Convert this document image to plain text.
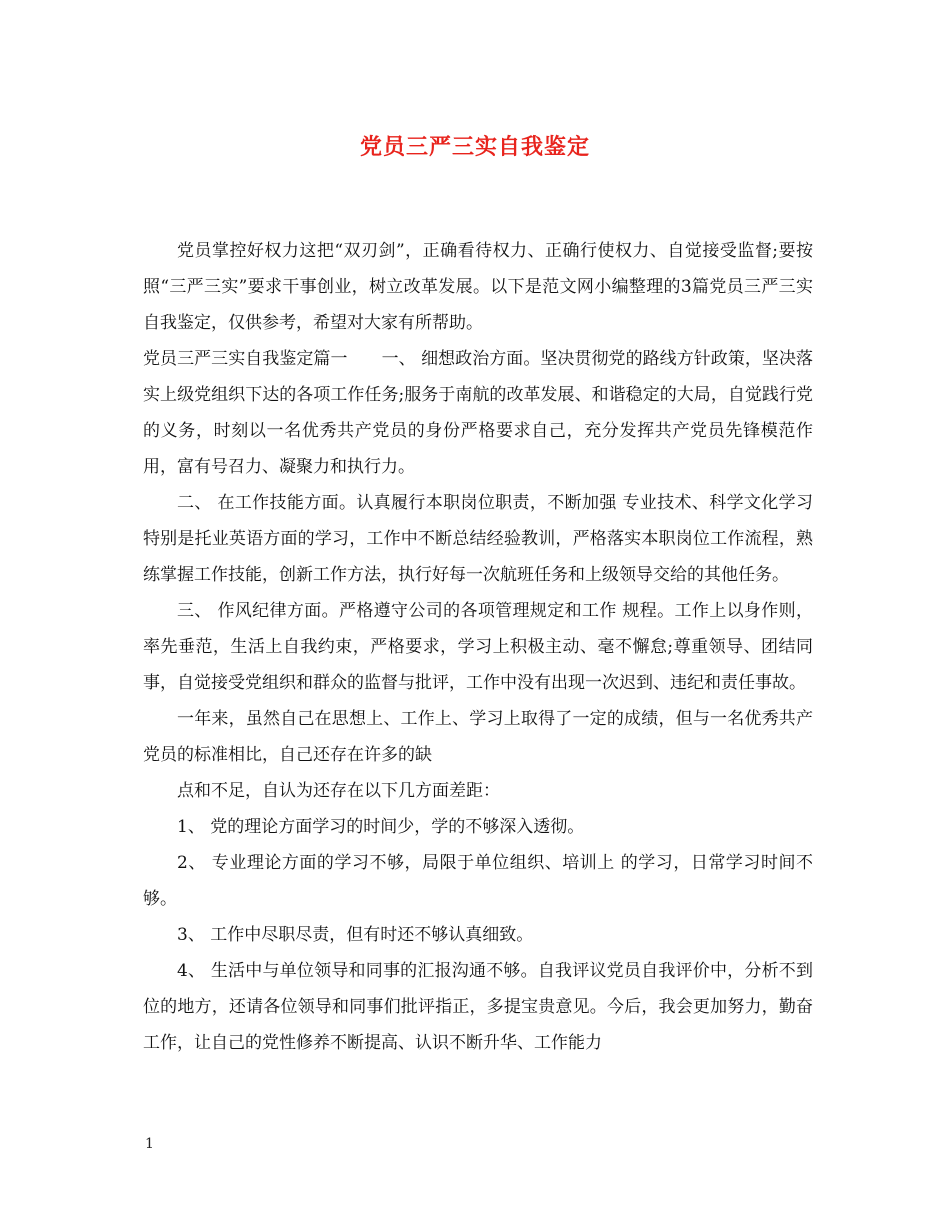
党员三严三实自我鉴定

党员掌控好权力这把“双刃剑”，正确看待权力、正确行使权力、自觉接受监督;要按照“三严三实”要求干事创业，树立改革发展。以下是范文网小编整理的3篇党员三严三实自我鉴定，仅供参考，希望对大家有所帮助。

党员三严三实自我鉴定篇一　　一、 细想政治方面。坚决贯彻党的路线方针政策，坚决落 实上级党组织下达的各项工作任务;服务于南航的改革发展、和谐稳定的大局，自觉践行党的义务，时刻以一名优秀共产党员的身份严格要求自己，充分发挥共产党员先锋模范作用，富有号召力、凝聚力和执行力。

二、 在工作技能方面。认真履行本职岗位职责，不断加强 专业技术、科学文化学习特别是托业英语方面的学习，工作中不断总结经验教训，严格落实本职岗位工作流程，熟练掌握工作技能，创新工作方法，执行好每一次航班任务和上级领导交给的其他任务。

三、 作风纪律方面。严格遵守公司的各项管理规定和工作 规程。工作上以身作则，率先垂范，生活上自我约束，严格要求，学习上积极主动、毫不懈怠;尊重领导、团结同事，自觉接受党组织和群众的监督与批评，工作中没有出现一次迟到、违纪和责任事故。

一年来，虽然自己在思想上、工作上、学习上取得了一定的成绩，但与一名优秀共产党员的标准相比，自己还存在许多的缺

点和不足，自认为还存在以下几方面差距：

1、 党的理论方面学习的时间少，学的不够深入透彻。

2、 专业理论方面的学习不够，局限于单位组织、培训上 的学习，日常学习时间不够。

3、 工作中尽职尽责，但有时还不够认真细致。

4、 生活中与单位领导和同事的汇报沟通不够。自我评议党员自我评价中，分析不到位的地方，还请各位领导和同事们批评指正，多提宝贵意见。今后，我会更加努力，勤奋工作，让自己的党性修养不断提高、认识不断升华、工作能力

1
